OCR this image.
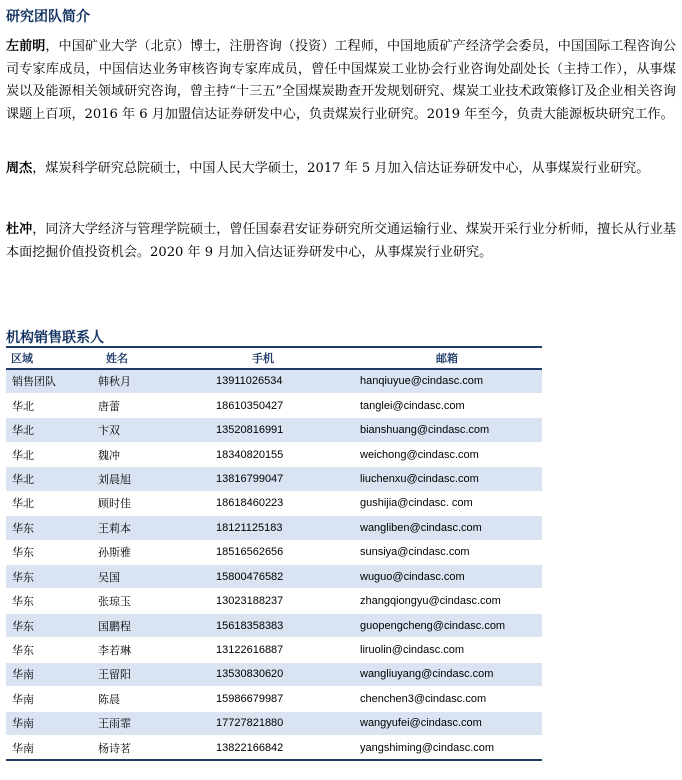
研究团队简介

左前明，中国矿业大学（北京）博士，注册咨询（投资）工程师，中国地质矿产经济学会委员，中国国际工程咨询公司专家库成员，中国信达业务审核咨询专家库成员，曾任中国煤炭工业协会行业咨询处副处长（主持工作），从事煤炭以及能源相关领域研究咨询，曾主持“十三五”全国煤炭勘查开发规划研究、煤炭工业技术政策修订及企业相关咨询课题上百项，2016 年 6 月加盟信达证券研发中心，负责煤炭行业研究。2019 年至今，负责大能源板块研究工作。

周杰，煤炭科学研究总院硕士，中国人民大学硕士，2017 年 5 月加入信达证券研发中心，从事煤炭行业研究。

杜冲，同济大学经济与管理学院硕士，曾任国泰君安证券研究所交通运输行业、煤炭开采行业分析师，擅长从行业基本面挖掘价值投资机会。2020 年 9 月加入信达证券研发中心，从事煤炭行业研究。

机构销售联系人
区域	姓名	手机	邮箱
销售团队	韩秋月	13911026534	hanqiuyue@cindasc.com
华北	唐蕾	18610350427	tanglei@cindasc.com
华北	卞双	13520816991	bianshuang@cindasc.com
华北	魏冲	18340820155	weichong@cindasc.com
华北	刘晨旭	13816799047	liuchenxu@cindasc.com
华北	顾时佳	18618460223	gushijia@cindasc. com
华东	王莉本	18121125183	wangliben@cindasc.com
华东	孙斯雅	18516562656	sunsiya@cindasc.com
华东	吴国	15800476582	wuguo@cindasc.com
华东	张琼玉	13023188237	zhangqiongyu@cindasc.com
华东	国鹏程	15618358383	guopengcheng@cindasc.com
华东	李若琳	13122616887	liruolin@cindasc.com
华南	王留阳	13530830620	wangliuyang@cindasc.com
华南	陈晨	15986679987	chenchen3@cindasc.com
华南	王雨霏	17727821880	wangyufei@cindasc.com
华南	杨诗茗	13822166842	yangshiming@cindasc.com
